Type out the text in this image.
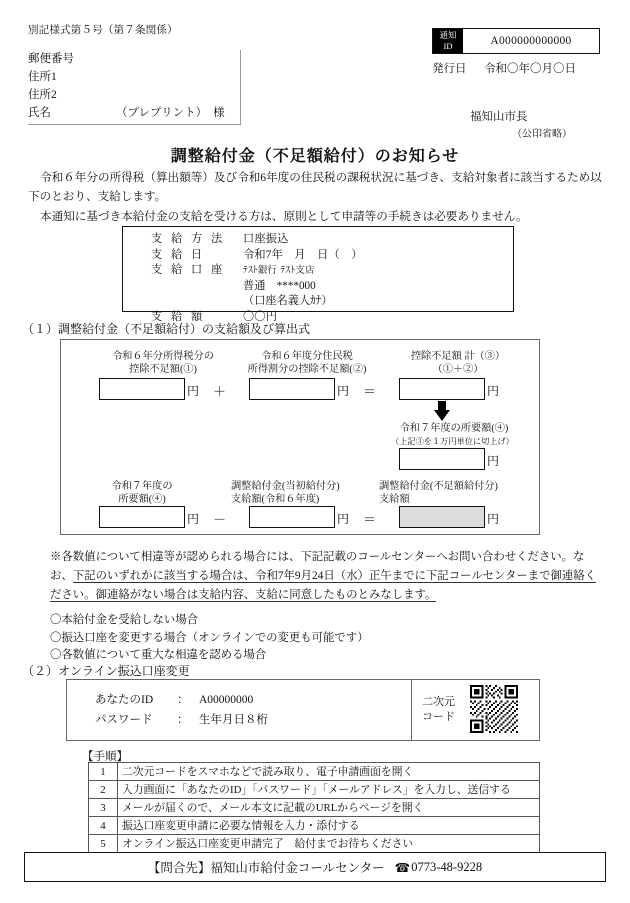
別記様式第５号（第７条関係）
郵便番号
住所1
住所2
氏名	（プレプリント） 様
通知
ID	A000000000000
発行日	令和〇年〇月〇日
福知山市長
（公印省略）
調整給付金（不足額給付）のお知らせ
令和６年分の所得税（算出額等）及び令和6年度の住民税の課税状況に基づき、支給対象者に該当するため以下のとおり、支給します。
本通知に基づき本給付金の支給を受ける方は、原則として申請等の手続きは必要ありません。
支 給 方 法	口座振込
支 給 日	令和7年　月　日（　）
支 給 口 座	ﾃｽﾄ銀行 ﾃｽﾄ支店
普通　****000
（口座名義人ｶﾅ）
支 給 額	〇〇円
（１）調整給付金（不足額給付）の支給額及び算出式
令和６年分所得税分の
控除不足額(①)
令和６年度分住民税
所得割分の控除不足額(②)
控除不足額 計（③）
（①＋②）
円 ＋	円 ＝	円
令和７年度の所要額(④)
（上記③を１万円単位に切上げ）
円
令和７年度の
所要額(④)
調整給付金(当初給付分)
支給額(令和６年度)
調整給付金(不足額給付分)
支給額
円 －	円 ＝	円
※各数値について相違等が認められる場合には、下記記載のコールセンターへお問い合わせください。なお、下記のいずれかに該当する場合は、令和7年9月24日（水）正午までに下記コールセンターまで御連絡ください。御連絡がない場合は支給内容、支給に同意したものとみなします。
〇本給付金を受給しない場合
〇振込口座を変更する場合（オンラインでの変更も可能です）
〇各数値について重大な相違を認める場合
（２）オンライン振込口座変更
あなたのID	： A00000000
パスワード	： 生年月日８桁
二次元
コード
【手順】
1	二次元コードをスマホなどで読み取り、電子申請画面を開く
2	入力画面に「あなたのID」「パスワード」「メールアドレス」を入力し、送信する
3	メールが届くので、メール本文に記載のURLからページを開く
4	振込口座変更申請に必要な情報を入力・添付する
5	オンライン振込口座変更申請完了　給付までお待ちください
【問合先】福知山市給付金コールセンター ☎ 0773-48-9228
